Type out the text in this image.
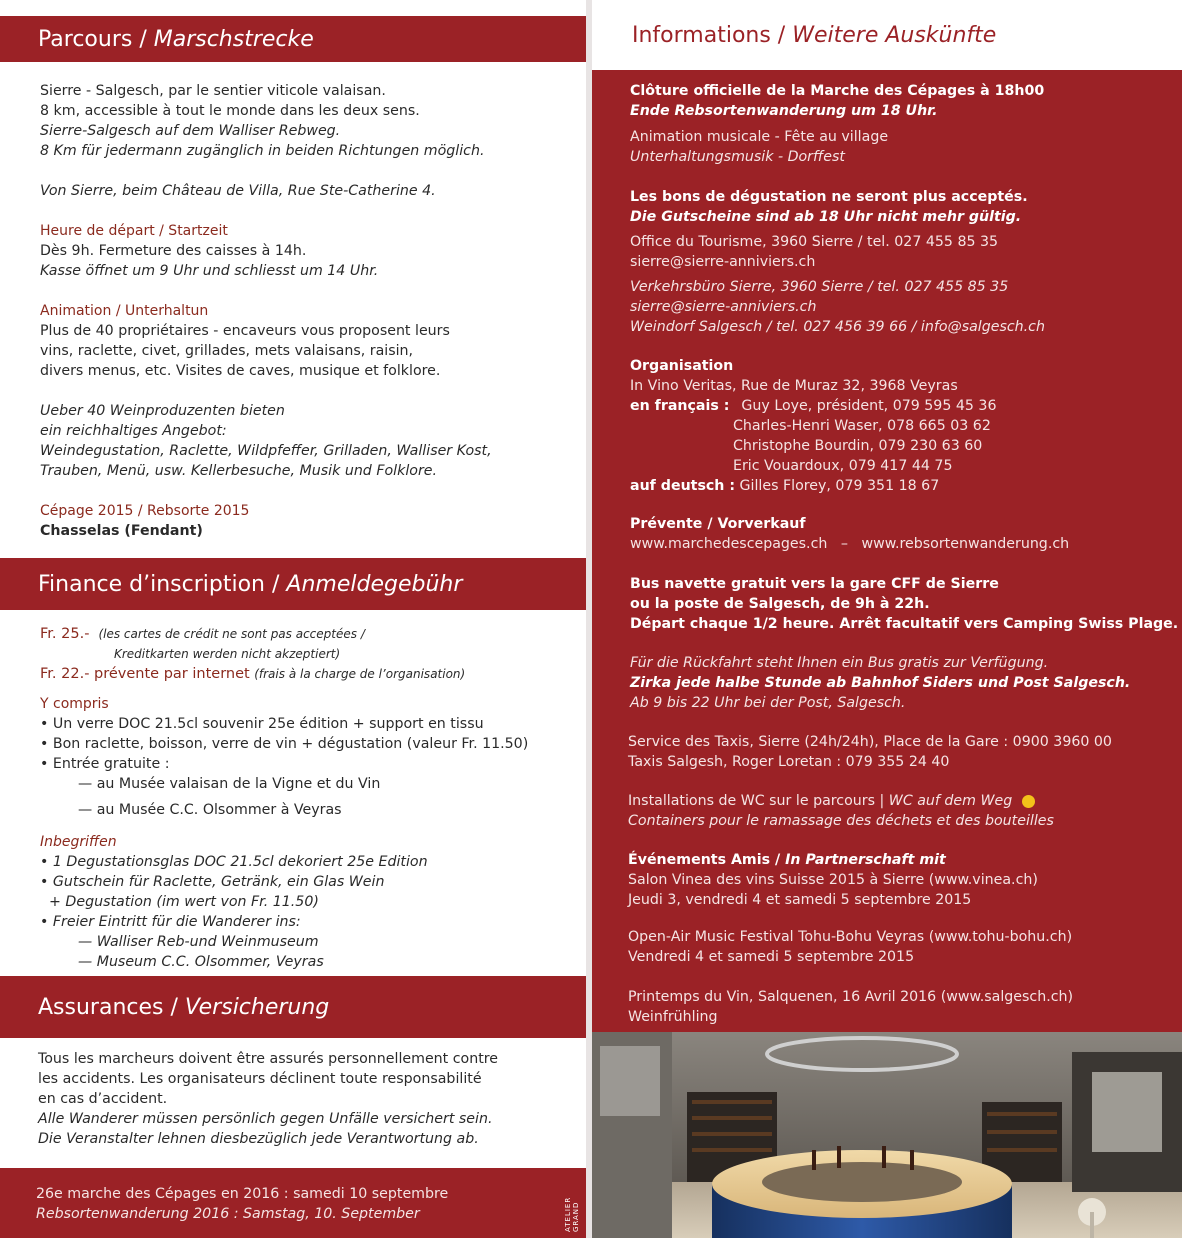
Parcours /
Marschstrecke
Sierre - Salgesch, par le sentier viticole valaisan.
8 km, accessible à tout le monde dans les deux sens.
Sierre-Salgesch auf dem Walliser Rebweg.
8 Km für jedermann zugänglich in beiden Richtungen möglich.

Von Sierre, beim Château de Villa, Rue Ste-Catherine 4.

Heure de départ / Startzeit
Dès 9h. Fermeture des caisses à 14h.
Kasse öffnet um 9 Uhr und schliesst um 14 Uhr.

Animation / Unterhaltun
Plus de 40 propriétaires - encaveurs vous proposent leurs
vins, raclette, civet, grillades, mets valaisans, raisin,
divers menus, etc. Visites de caves, musique et folklore.

Ueber 40 Weinproduzenten bieten
ein reichhaltiges Angebot:
Weindegustation, Raclette, Wildpfeffer, Grilladen, Walliser Kost,
Trauben, Menü, usw. Kellerbesuche, Musik und Folklore.

Cépage 2015 / Rebsorte 2015
Chasselas (Fendant)
Finance d’inscription /
Anmeldegebühr
Fr. 25.- (les cartes de crédit ne sont pas acceptées /
Kreditkarten werden nicht akzeptiert)
Fr. 22.- prévente par internet (frais à la charge de l’organisation)
Y compris
• Un verre DOC 21.5cl souvenir 25e édition + support en tissu
• Bon raclette, boisson, verre de vin + dégustation (valeur Fr. 11.50)
• Entrée gratuite :
— au Musée valaisan de la Vigne et du Vin
— au Musée C.C. Olsommer à Veyras
Inbegriffen
• 1 Degustationsglas DOC 21.5cl dekoriert 25e Edition
• Gutschein für Raclette, Getränk, ein Glas Wein
+ Degustation (im wert von Fr. 11.50)
• Freier Eintritt für die Wanderer ins:
— Walliser Reb-und Weinmuseum
— Museum C.C. Olsommer, Veyras
Assurances /
Versicherung
Tous les marcheurs doivent être assurés personnellement contre
les accidents. Les organisateurs déclinent toute responsabilité
en cas d’accident.
Alle Wanderer müssen persönlich gegen Unfälle versichert sein.
Die Veranstalter lehnen diesbezüglich jede Verantwortung ab.
26e marche des Cépages en 2016 : samedi 10 septembre
Rebsortenwanderung 2016 : Samstag, 10. September	ATELIER GRAND
Informations /
Weitere Auskünfte
Clôture officielle de la Marche des Cépages à 18h00
Ende Rebsortenwanderung um 18 Uhr.
Animation musicale - Fête au village
Unterhaltungsmusik - Dorffest
Les bons de dégustation ne seront plus acceptés.
Die Gutscheine sind ab 18 Uhr nicht mehr gültig.
Office du Tourisme, 3960 Sierre / tel. 027 455 85 35
sierre@sierre-anniviers.ch
Verkehrsbüro Sierre, 3960 Sierre / tel. 027 455 85 35
sierre@sierre-anniviers.ch
Weindorf Salgesch / tel. 027 456 39 66 / info@salgesch.ch
Organisation
In Vino Veritas, Rue de Muraz 32, 3968 Veyras
en français : Guy Loye, président, 079 595 45 36
Charles-Henri Waser, 078 665 03 62
Christophe Bourdin, 079 230 63 60
Eric Vouardoux, 079 417 44 75
auf deutsch : Gilles Florey, 079 351 18 67
Prévente / Vorverkauf
www.marchedescepages.ch   –   www.rebsortenwanderung.ch
Bus navette gratuit vers la gare CFF de Sierre
ou la poste de Salgesch, de 9h à 22h.
Départ chaque 1/2 heure. Arrêt facultatif vers Camping Swiss Plage.
Für die Rückfahrt steht Ihnen ein Bus gratis zur Verfügung.
Zirka jede halbe Stunde ab Bahnhof Siders und Post Salgesch.
Ab 9 bis 22 Uhr bei der Post, Salgesch.
Service des Taxis, Sierre (24h/24h), Place de la Gare : 0900 3960 00
Taxis Salgesh, Roger Loretan : 079 355 24 40
Installations de WC sur le parcours | WC auf dem Weg
Containers pour le ramassage des déchets et des bouteilles
Événements Amis / In Partnerschaft mit
Salon Vinea des vins Suisse 2015 à Sierre (www.vinea.ch)
Jeudi 3, vendredi 4 et samedi 5 septembre 2015
Open-Air Music Festival Tohu-Bohu Veyras (www.tohu-bohu.ch)
Vendredi 4 et samedi 5 septembre 2015
Printemps du Vin, Salquenen, 16 Avril 2016 (www.salgesch.ch)
Weinfrühling
